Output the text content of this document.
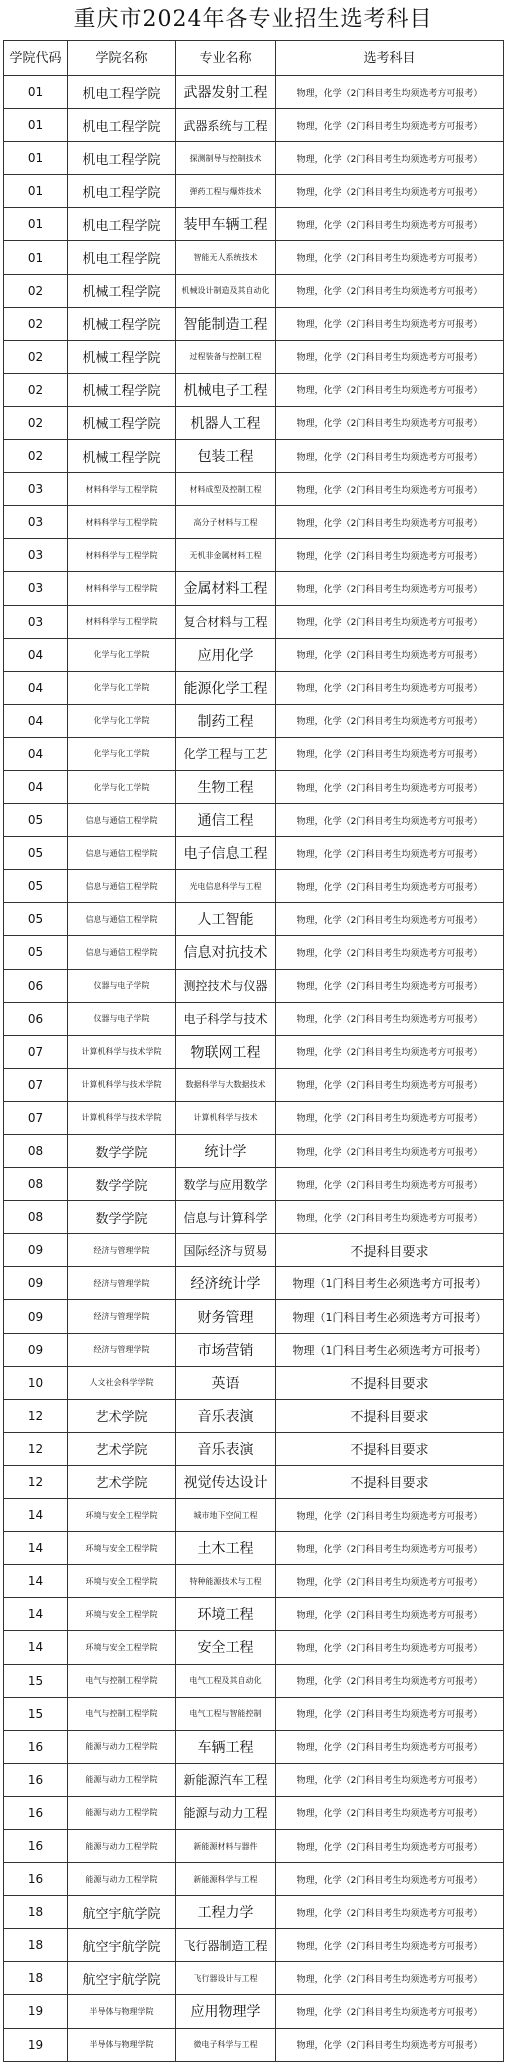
重庆市2024年各专业招生选考科目
学院代码	学院名称	专业名称	选考科目
01	机电工程学院	武器发射工程	物理，化学（2门科目考生均须选考方可报考）
01	机电工程学院	武器系统与工程	物理，化学（2门科目考生均须选考方可报考）
01	机电工程学院	探测制导与控制技术	物理，化学（2门科目考生均须选考方可报考）
01	机电工程学院	弹药工程与爆炸技术	物理，化学（2门科目考生均须选考方可报考）
01	机电工程学院	装甲车辆工程	物理，化学（2门科目考生均须选考方可报考）
01	机电工程学院	智能无人系统技术	物理，化学（2门科目考生均须选考方可报考）
02	机械工程学院	机械设计制造及其自动化	物理，化学（2门科目考生均须选考方可报考）
02	机械工程学院	智能制造工程	物理，化学（2门科目考生均须选考方可报考）
02	机械工程学院	过程装备与控制工程	物理，化学（2门科目考生均须选考方可报考）
02	机械工程学院	机械电子工程	物理，化学（2门科目考生均须选考方可报考）
02	机械工程学院	机器人工程	物理，化学（2门科目考生均须选考方可报考）
02	机械工程学院	包装工程	物理，化学（2门科目考生均须选考方可报考）
03	材料科学与工程学院	材料成型及控制工程	物理，化学（2门科目考生均须选考方可报考）
03	材料科学与工程学院	高分子材料与工程	物理，化学（2门科目考生均须选考方可报考）
03	材料科学与工程学院	无机非金属材料工程	物理，化学（2门科目考生均须选考方可报考）
03	材料科学与工程学院	金属材料工程	物理，化学（2门科目考生均须选考方可报考）
03	材料科学与工程学院	复合材料与工程	物理，化学（2门科目考生均须选考方可报考）
04	化学与化工学院	应用化学	物理，化学（2门科目考生均须选考方可报考）
04	化学与化工学院	能源化学工程	物理，化学（2门科目考生均须选考方可报考）
04	化学与化工学院	制药工程	物理，化学（2门科目考生均须选考方可报考）
04	化学与化工学院	化学工程与工艺	物理，化学（2门科目考生均须选考方可报考）
04	化学与化工学院	生物工程	物理，化学（2门科目考生均须选考方可报考）
05	信息与通信工程学院	通信工程	物理，化学（2门科目考生均须选考方可报考）
05	信息与通信工程学院	电子信息工程	物理，化学（2门科目考生均须选考方可报考）
05	信息与通信工程学院	光电信息科学与工程	物理，化学（2门科目考生均须选考方可报考）
05	信息与通信工程学院	人工智能	物理，化学（2门科目考生均须选考方可报考）
05	信息与通信工程学院	信息对抗技术	物理，化学（2门科目考生均须选考方可报考）
06	仪器与电子学院	测控技术与仪器	物理，化学（2门科目考生均须选考方可报考）
06	仪器与电子学院	电子科学与技术	物理，化学（2门科目考生均须选考方可报考）
07	计算机科学与技术学院	物联网工程	物理，化学（2门科目考生均须选考方可报考）
07	计算机科学与技术学院	数据科学与大数据技术	物理，化学（2门科目考生均须选考方可报考）
07	计算机科学与技术学院	计算机科学与技术	物理，化学（2门科目考生均须选考方可报考）
08	数学学院	统计学	物理，化学（2门科目考生均须选考方可报考）
08	数学学院	数学与应用数学	物理，化学（2门科目考生均须选考方可报考）
08	数学学院	信息与计算科学	物理，化学（2门科目考生均须选考方可报考）
09	经济与管理学院	国际经济与贸易	不提科目要求
09	经济与管理学院	经济统计学	物理（1门科目考生必须选考方可报考）
09	经济与管理学院	财务管理	物理（1门科目考生必须选考方可报考）
09	经济与管理学院	市场营销	物理（1门科目考生必须选考方可报考）
10	人文社会科学学院	英语	不提科目要求
12	艺术学院	音乐表演	不提科目要求
12	艺术学院	音乐表演	不提科目要求
12	艺术学院	视觉传达设计	不提科目要求
14	环境与安全工程学院	城市地下空间工程	物理，化学（2门科目考生均须选考方可报考）
14	环境与安全工程学院	土木工程	物理，化学（2门科目考生均须选考方可报考）
14	环境与安全工程学院	特种能源技术与工程	物理，化学（2门科目考生均须选考方可报考）
14	环境与安全工程学院	环境工程	物理，化学（2门科目考生均须选考方可报考）
14	环境与安全工程学院	安全工程	物理，化学（2门科目考生均须选考方可报考）
15	电气与控制工程学院	电气工程及其自动化	物理，化学（2门科目考生均须选考方可报考）
15	电气与控制工程学院	电气工程与智能控制	物理，化学（2门科目考生均须选考方可报考）
16	能源与动力工程学院	车辆工程	物理，化学（2门科目考生均须选考方可报考）
16	能源与动力工程学院	新能源汽车工程	物理，化学（2门科目考生均须选考方可报考）
16	能源与动力工程学院	能源与动力工程	物理，化学（2门科目考生均须选考方可报考）
16	能源与动力工程学院	新能源材料与器件	物理，化学（2门科目考生均须选考方可报考）
16	能源与动力工程学院	新能源科学与工程	物理，化学（2门科目考生均须选考方可报考）
18	航空宇航学院	工程力学	物理，化学（2门科目考生均须选考方可报考）
18	航空宇航学院	飞行器制造工程	物理，化学（2门科目考生均须选考方可报考）
18	航空宇航学院	飞行器设计与工程	物理，化学（2门科目考生均须选考方可报考）
19	半导体与物理学院	应用物理学	物理，化学（2门科目考生均须选考方可报考）
19	半导体与物理学院	微电子科学与工程	物理，化学（2门科目考生均须选考方可报考）
